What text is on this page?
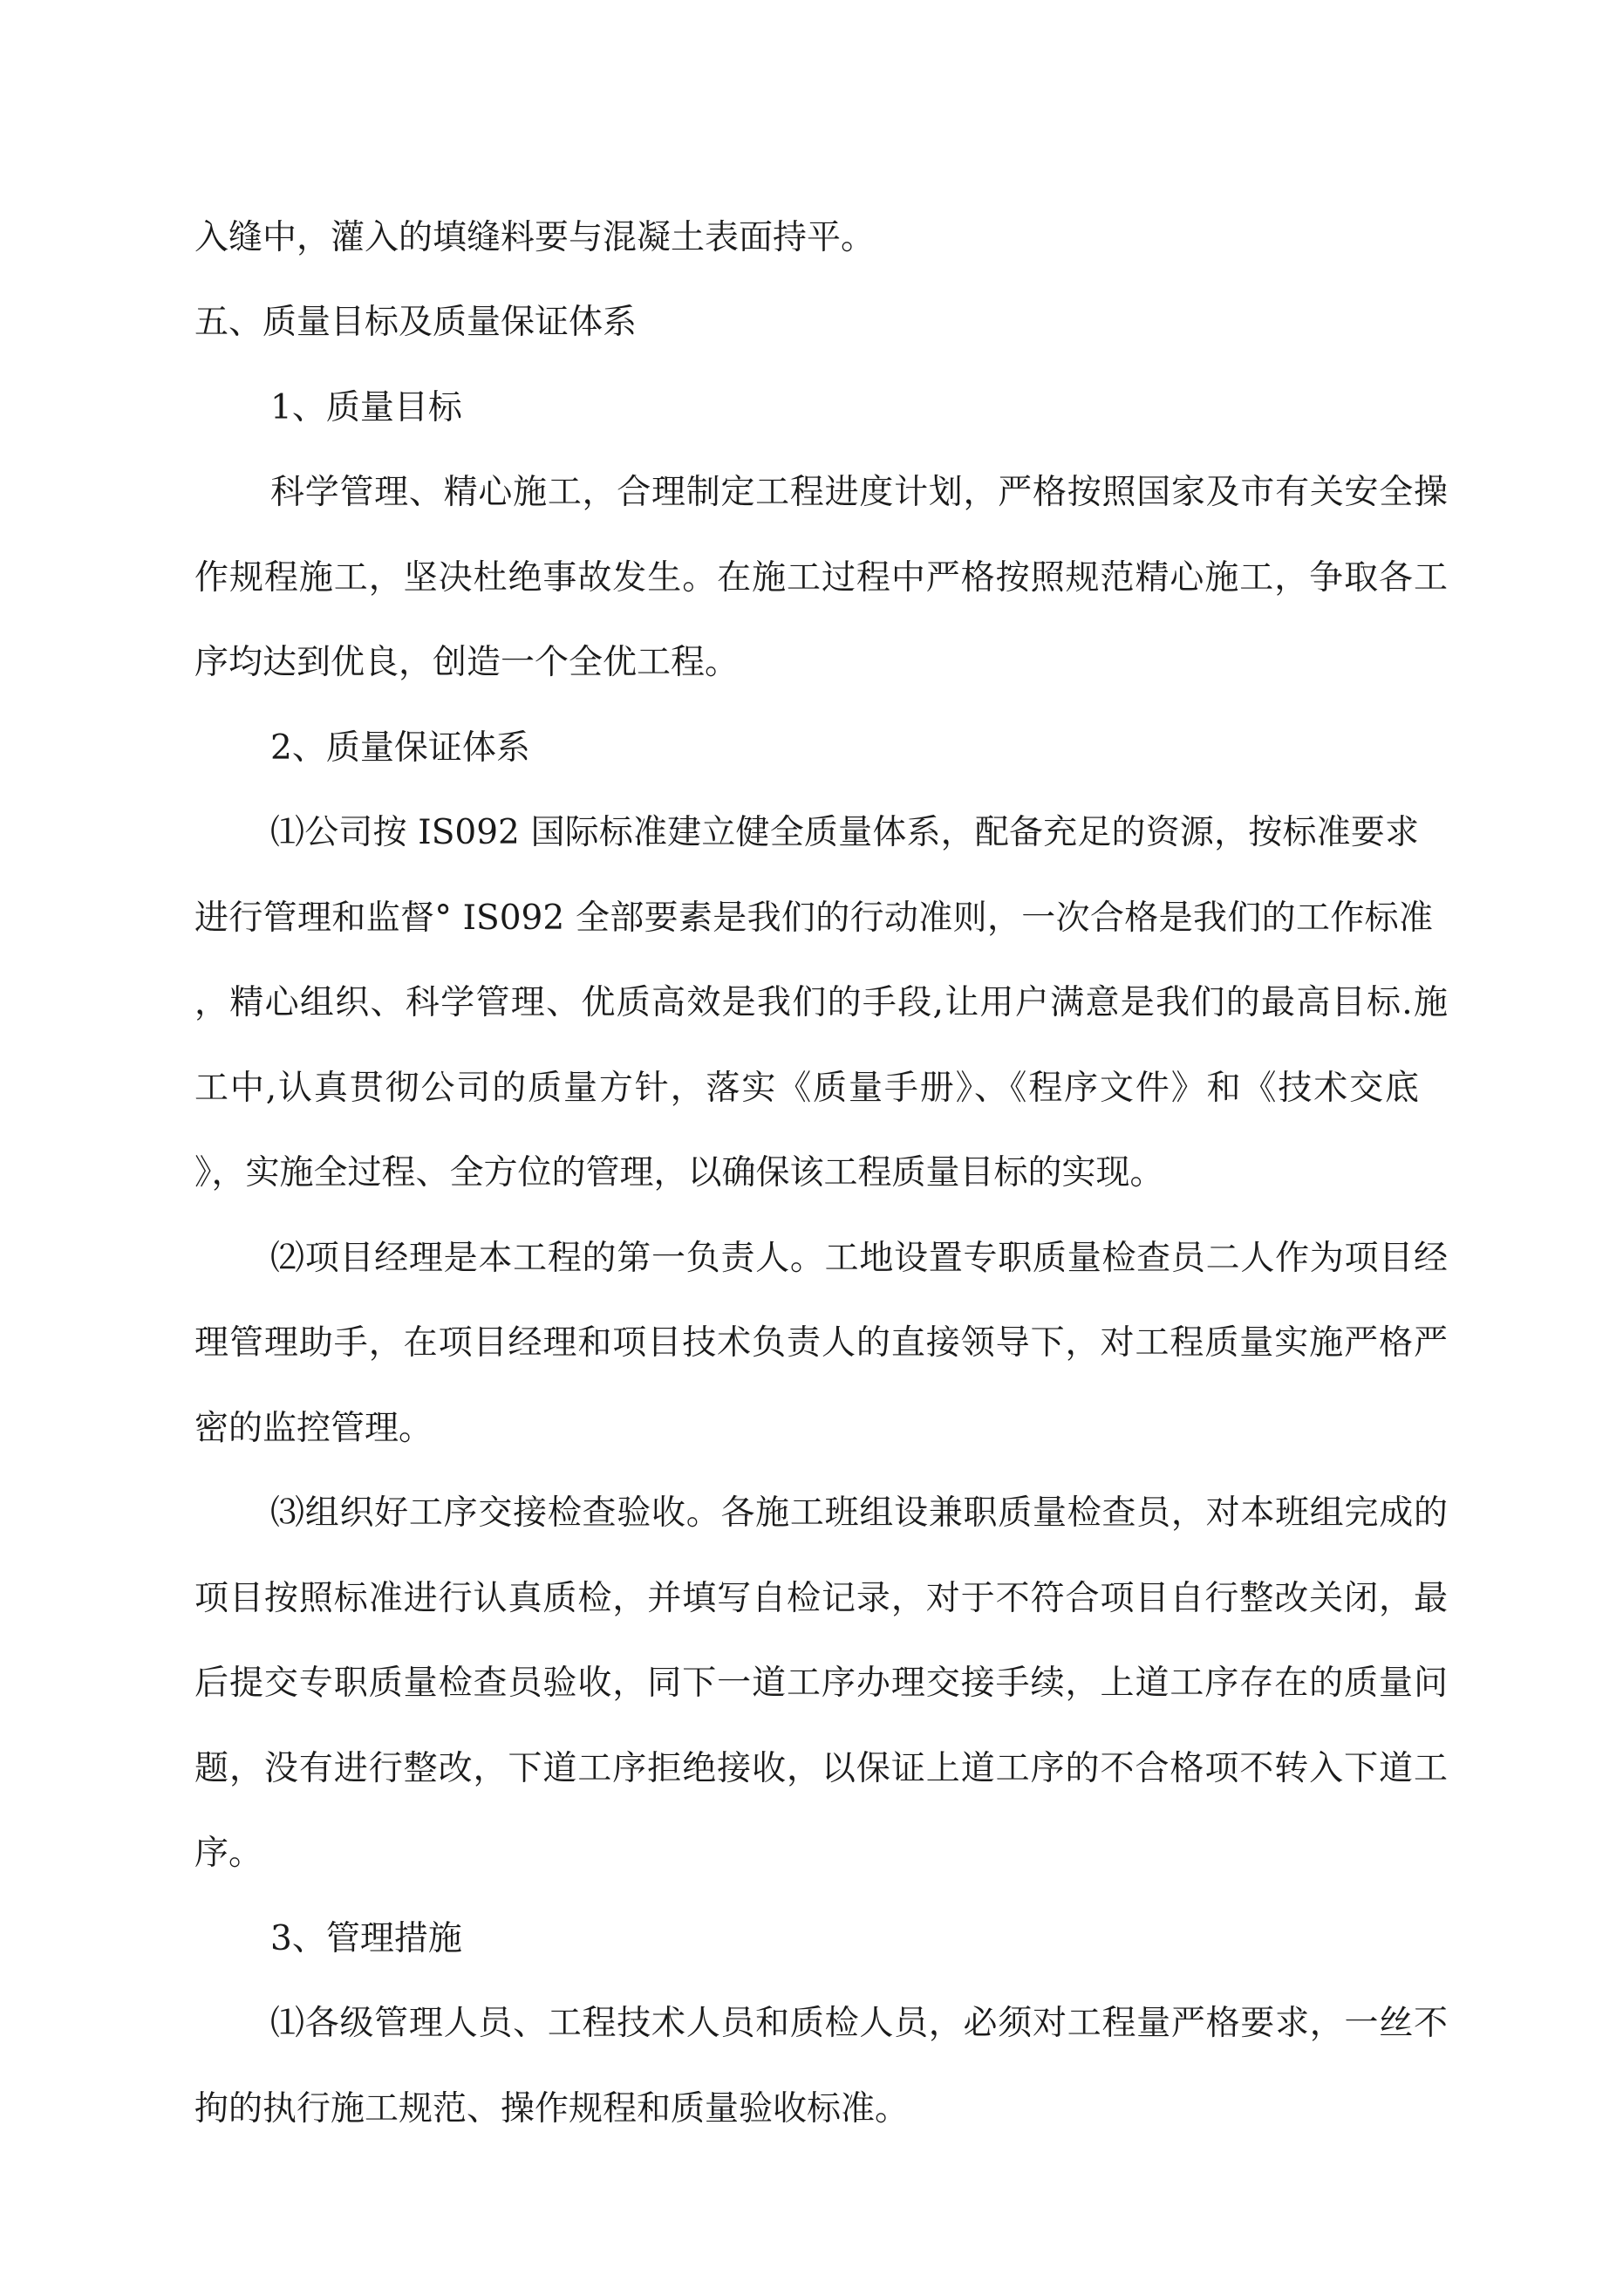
入缝中，灌入的填缝料要与混凝土表面持平。
五、质量目标及质量保证体系
1、质量目标
科学管理、精心施工，合理制定工程进度计划，严格按照国家及市有关安全操
作规程施工，坚决杜绝事故发生。在施工过程中严格按照规范精心施工，争取各工
序均达到优良，创造一个全优工程。
2、质量保证体系
⑴公司按 IS092 国际标准建立健全质量体系，配备充足的资源，按标准要求
进行管理和监督° IS092 全部要素是我们的行动准则，一次合格是我们的工作标准
，精心组织、科学管理、优质高效是我们的手段,让用户满意是我们的最高目标.施
工中,认真贯彻公司的质量方针，落实《质量手册》、《程序文件》和《技术交底
》，实施全过程、全方位的管理，以确保该工程质量目标的实现。
⑵项目经理是本工程的第一负责人。工地设置专职质量检查员二人作为项目经
理管理助手，在项目经理和项目技术负责人的直接领导下，对工程质量实施严格严
密的监控管理。
⑶组织好工序交接检查验收。各施工班组设兼职质量检查员，对本班组完成的
项目按照标准进行认真质检，并填写自检记录，对于不符合项目自行整改关闭，最
后提交专职质量检查员验收，同下一道工序办理交接手续，上道工序存在的质量问
题，没有进行整改，下道工序拒绝接收，以保证上道工序的不合格项不转入下道工
序。
3、管理措施
⑴各级管理人员、工程技术人员和质检人员，必须对工程量严格要求，一丝不
拘的执行施工规范、操作规程和质量验收标准。
